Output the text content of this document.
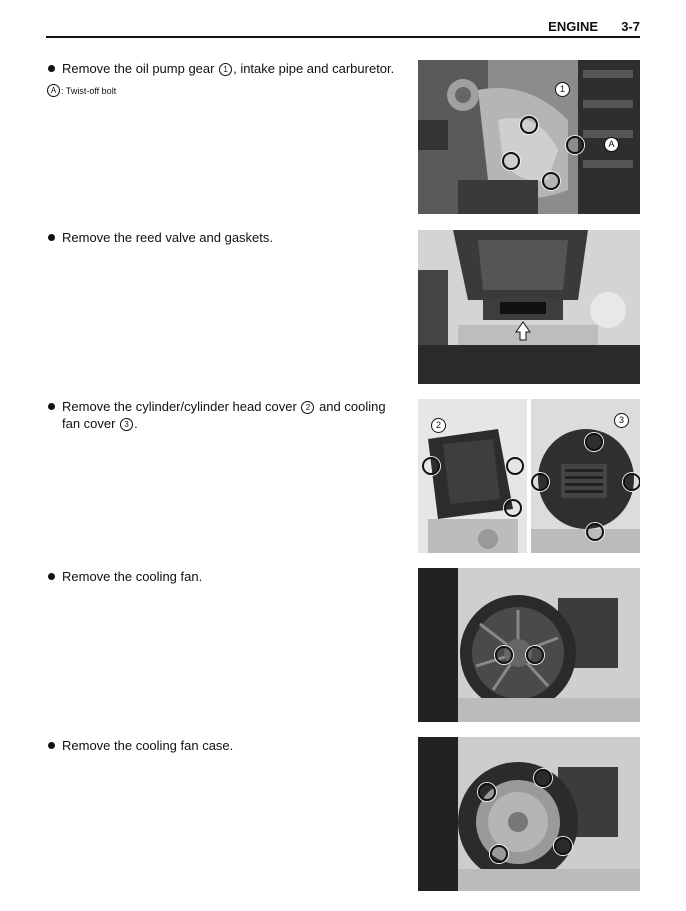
ENGINE 3-7
Remove the oil pump gear 1 , intake pipe and carburetor.
A : Twist-off bolt	1
A
Remove the reed valve and gaskets.
Remove the cylinder/cylinder head cover 2 and cooling fan cover 3 .	2	3
Remove the cooling fan.
Remove the cooling fan case.
